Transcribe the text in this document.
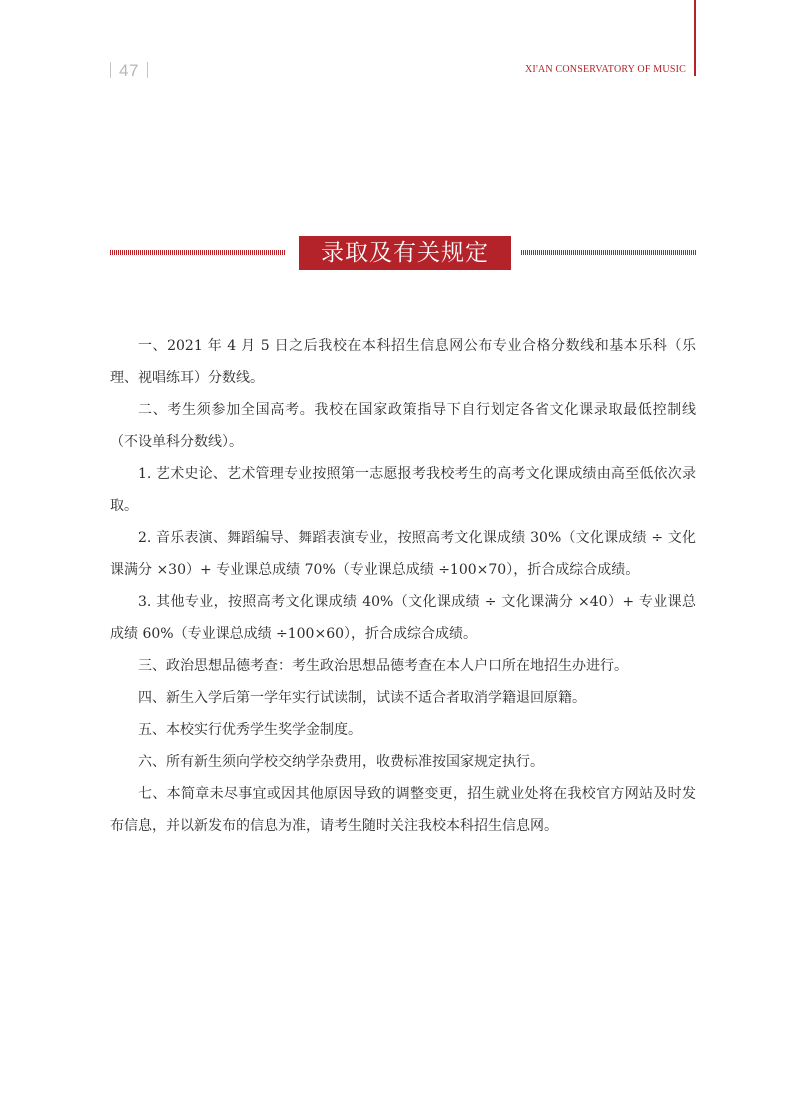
47	XI'AN CONSERVATORY OF MUSIC
录取及有关规定

一、2021 年 4 月 5 日之后我校在本科招生信息网公布专业合格分数线和基本乐科（乐理、视唱练耳）分数线。

二、考生须参加全国高考。我校在国家政策指导下自行划定各省文化课录取最低控制线（不设单科分数线）。

1. 艺术史论、艺术管理专业按照第一志愿报考我校考生的高考文化课成绩由高至低依次录取。

2. 音乐表演、舞蹈编导、舞蹈表演专业，按照高考文化课成绩 30%（文化课成绩 ÷ 文化课满分 ×30）+ 专业课总成绩 70%（专业课总成绩 ÷100×70），折合成综合成绩。

3. 其他专业，按照高考文化课成绩 40%（文化课成绩 ÷ 文化课满分 ×40）+ 专业课总成绩 60%（专业课总成绩 ÷100×60），折合成综合成绩。

三、政治思想品德考查：考生政治思想品德考查在本人户口所在地招生办进行。

四、新生入学后第一学年实行试读制，试读不适合者取消学籍退回原籍。

五、本校实行优秀学生奖学金制度。

六、所有新生须向学校交纳学杂费用，收费标准按国家规定执行。

七、本简章未尽事宜或因其他原因导致的调整变更，招生就业处将在我校官方网站及时发布信息，并以新发布的信息为准，请考生随时关注我校本科招生信息网。
